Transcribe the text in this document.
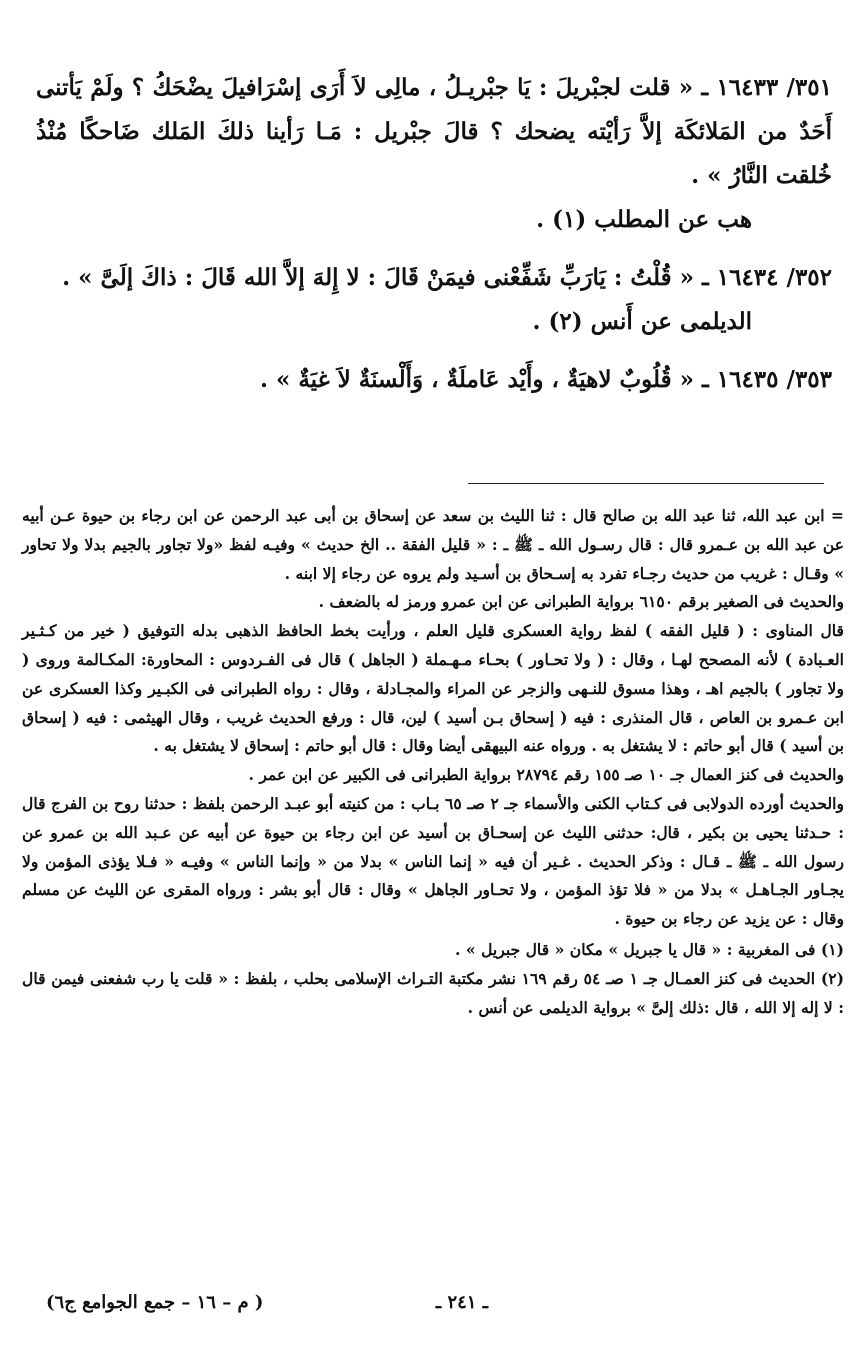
٣٥١/ ١٦٤٣٣ ـ « قلت لجبْريلَ : يَا جبْريـلُ ، مالِى لاَ أَرَى إسْرَافيلَ يضْحَكُ ؟ ولَمْ يَأتنى أَحَدٌ من المَلائكَة إلاَّ رَأيْته يضحك ؟ قالَ جبْريل : مَـا رَأينا ذلكَ المَلك ضَاحكًا مُنْذُ خُلقت النَّارُ » .

هب عن المطلب (١) .

٣٥٢/ ١٦٤٣٤ ـ « قُلْتُ : يَارَبِّ شَفِّعْنى فيمَنْ قَالَ : لا إِلهَ إلاَّ الله قَالَ : ذاكَ إلَىَّ » .

الديلمى عن أَنس (٢) .

٣٥٣/ ١٦٤٣٥ ـ « قُلُوبٌ لاهيَةٌ ، وأَيْد عَاملَةٌ ، وَأَلْسنَةٌ لاَ غيَةٌ » .

= ابن عبد الله، ثنا عبد الله بن صالح قال : ثنا الليث بن سعد عن إسحاق بن أبى عبد الرحمن عن ابن رجاء بن حيوة عـن أبيه عن عبد الله بن عـمرو قال : قال رسـول الله ـ ﷺ ـ : « قليل الفقة .. الخ حديث » وفيـه لفظ «ولا تجاور بالجيم بدلا ولا تحاور » وقـال : غريب من حديث رجـاء تفرد به إسـحاق بن أسـيد ولم يروه عن رجاء إلا ابنه .

والحديث فى الصغير برقم ٦١٥٠ برواية الطبرانى عن ابن عمرو ورمز له بالضعف .

قال المناوى : ( قليل الفقه ) لفظ رواية العسكرى قليل العلم ، ورأيت بخط الحافظ الذهبى بدله التوفيق ( خير من كـثـير العـبادة ) لأنه المصحح لهـا ، وقال : ( ولا تحـاور ) بحـاء مـهـملة ( الجاهل ) قال فى الفـردوس : المحاورة: المكـالمة وروى ( ولا تجاور ) بالجيم اهـ ، وهذا مسوق للنـهى والزجر عن المراء والمجـادلة ، وقال : رواه الطبرانى فى الكبـير وكذا العسكرى عن ابن عـمرو بن العاص ، قال المنذرى : فيه ( إسحاق بـن أسيد ) لين، قال : ورفع الحديث غريب ، وقال الهيثمى : فيه ( إسحاق بن أسيد ) قال أبو حاتم : لا يشتغل به . ورواه عنه البيهقى أيضا وقال : قال أبو حاتم : إسحاق لا يشتغل به .

والحديث فى كنز العمال جـ ١٠ صـ ١٥٥ رقم ٢٨٧٩٤ برواية الطبرانى فى الكبير عن ابن عمر .

والحديث أورده الدولابى فى كـتاب الكنى والأسماء جـ ٢ صـ ٦٥ بـاب : من كنيته أبو عبـد الرحمن بلفظ : حدثنا روح بن الفرج قال : حـدثنا يحيى بن بكير ، قال: حدثنى الليث عن إسحـاق بن أسيد عن ابن رجاء بن حيوة عن أبيه عن عـبد الله بن عمرو عن رسول الله ـ ﷺ ـ قـال : وذكر الحديث . غـير أن فيه « إنما الناس » بدلا من « وإنما الناس » وفيـه « فـلا يؤذى المؤمن ولا يجـاور الجـاهـل » بدلا من « فلا تؤذ المؤمن ، ولا تحـاور الجاهل » وقال : قال أبو بشر : ورواه المقرى عن الليث عن مسلم وقال : عن يزيد عن رجاء بن حيوة .

(١) فى المغربية : « قال يا جبريل » مكان « قال جبريل » .

(٢) الحديث فى كنز العمـال جـ ١ صـ ٥٤ رقم ١٦٩ نشر مكتبة التـراث الإسلامى بحلب ، بلفظ : « قلت يا رب شفعنى فيمن قال : لا إله إلا الله ، قال :ذلك إلىَّ » برواية الديلمى عن أنس .

ـ ٢٤١ ـ
( م – ١٦ – جمع الجوامع ج٦)
